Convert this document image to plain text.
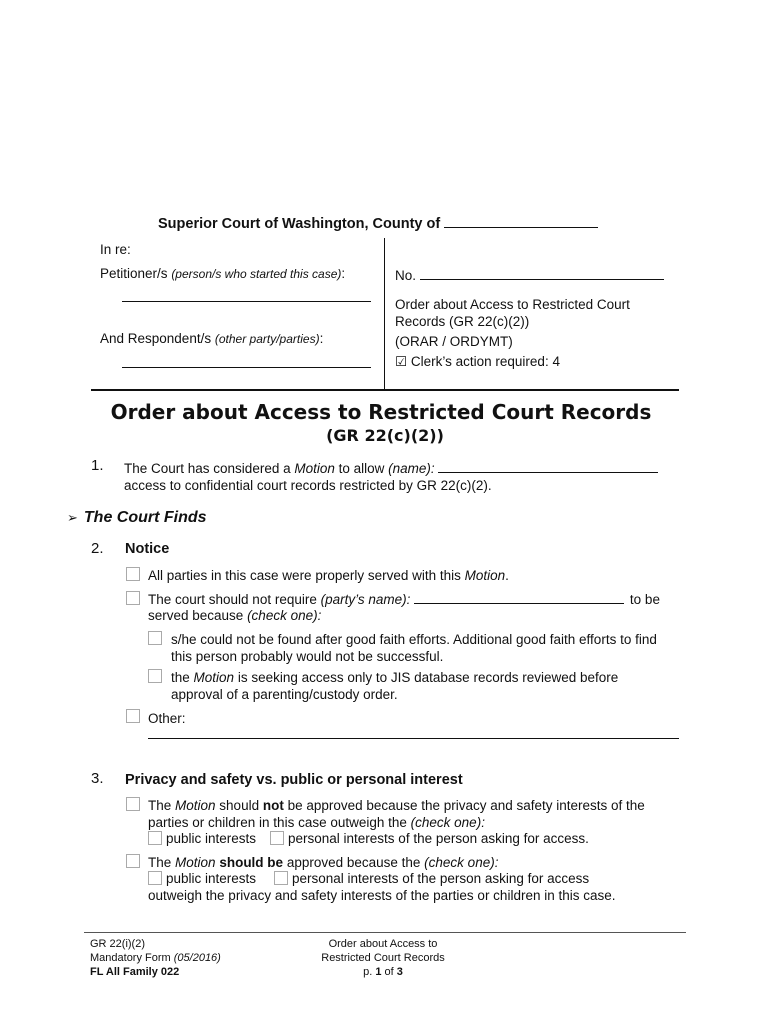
Superior Court of Washington, County of
In re:
Petitioner/s (person/s who started this case):
And Respondent/s (other party/parties):
No.
Order about Access to Restricted Court
Records (GR 22(c)(2))
(ORAR / ORDYMT)
☑ Clerk’s action required: 4
Order about Access to Restricted Court Records
(GR 22(c)(2))
1. The Court has considered a Motion to allow (name):
access to confidential court records restricted by GR 22(c)(2).
➢ The Court Finds
2. Notice
All parties in this case were properly served with this Motion.
The court should not require (party’s name):	to be
served because (check one):
s/he could not be found after good faith efforts. Additional good faith efforts to find
this person probably would not be successful.
the Motion is seeking access only to JIS database records reviewed before
approval of a parenting/custody order.
Other:
3. Privacy and safety vs. public or personal interest
The Motion should not be approved because the privacy and safety interests of the
parties or children in this case outweigh the (check one):
public interests personal interests of the person asking for access.
The Motion should be approved because the (check one):
public interests	personal interests of the person asking for access
outweigh the privacy and safety interests of the parties or children in this case.
GR 22(i)(2)
Mandatory Form (05/2016)
FL All Family 022
Order about Access to
Restricted Court Records
p. 1 of 3
